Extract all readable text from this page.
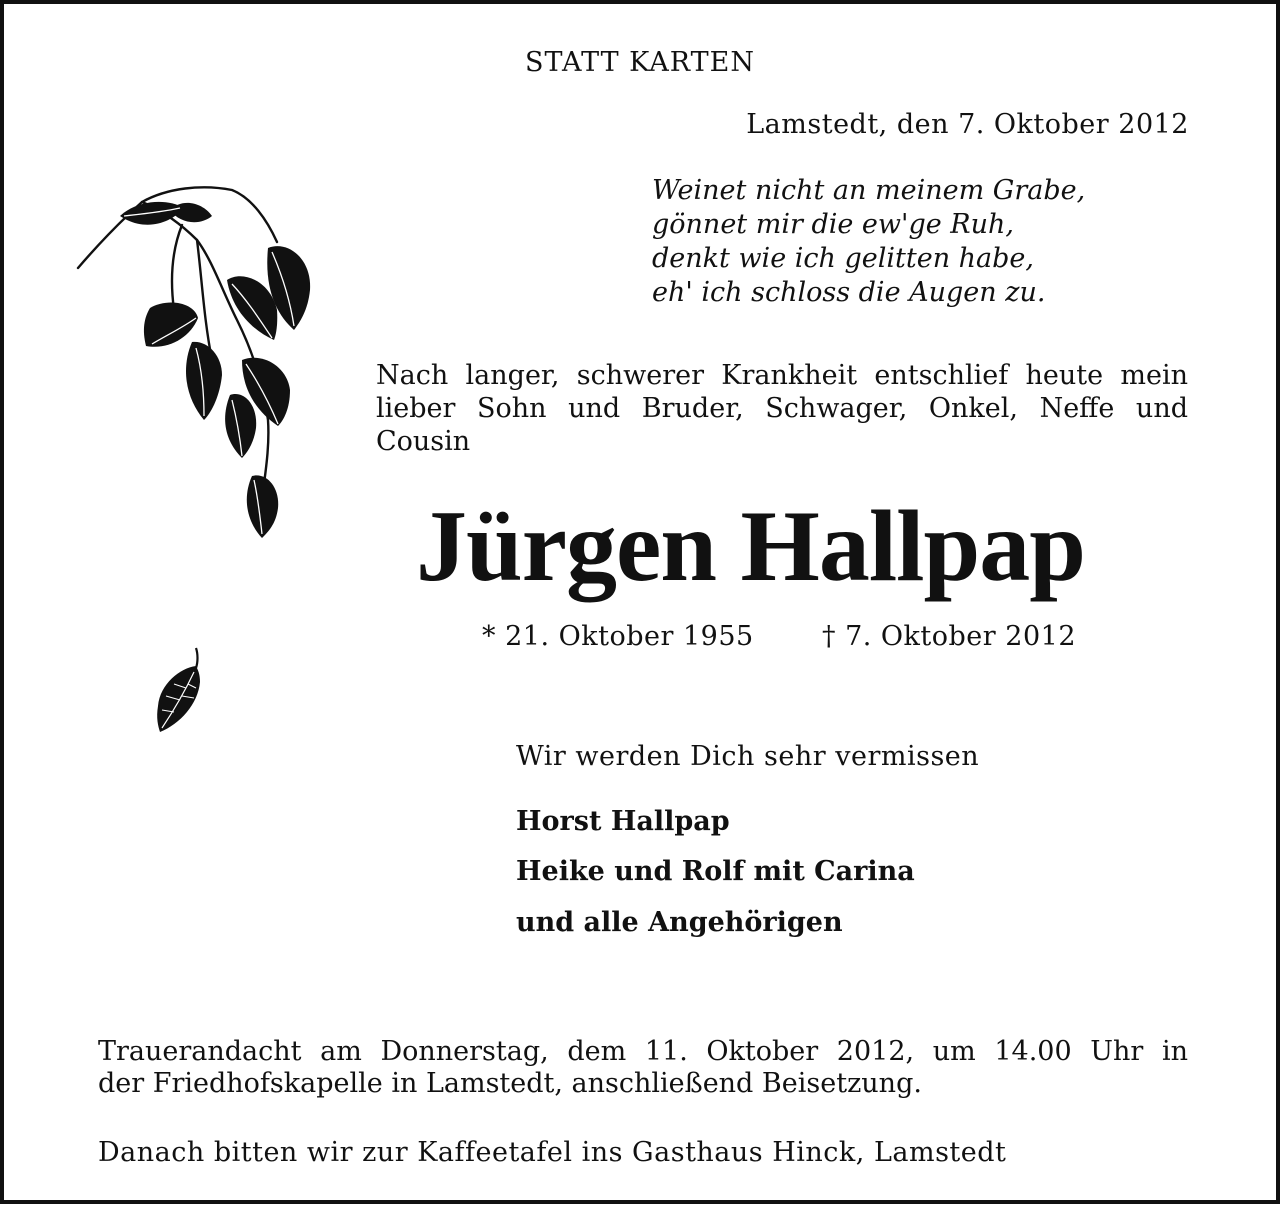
STATT KARTEN
Lamstedt, den 7. Oktober 2012
Weinet nicht an meinem Grabe,
gönnet mir die ew'ge Ruh,
denkt wie ich gelitten habe,
eh' ich schloss die Augen zu.
Nach langer, schwerer Krankheit entschlief heute mein
lieber Sohn und Bruder, Schwager, Onkel, Neffe und
Cousin
Jürgen Hallpap
* 21. Oktober 1955	† 7. Oktober 2012
Wir werden Dich sehr vermissen
Horst Hallpap
Heike und Rolf mit Carina
und alle Angehörigen
Trauerandacht am Donnerstag, dem 11. Oktober 2012, um 14.00 Uhr in
der Friedhofskapelle in Lamstedt, anschließend Beisetzung.
Danach bitten wir zur Kaffeetafel ins Gasthaus Hinck, Lamstedt
